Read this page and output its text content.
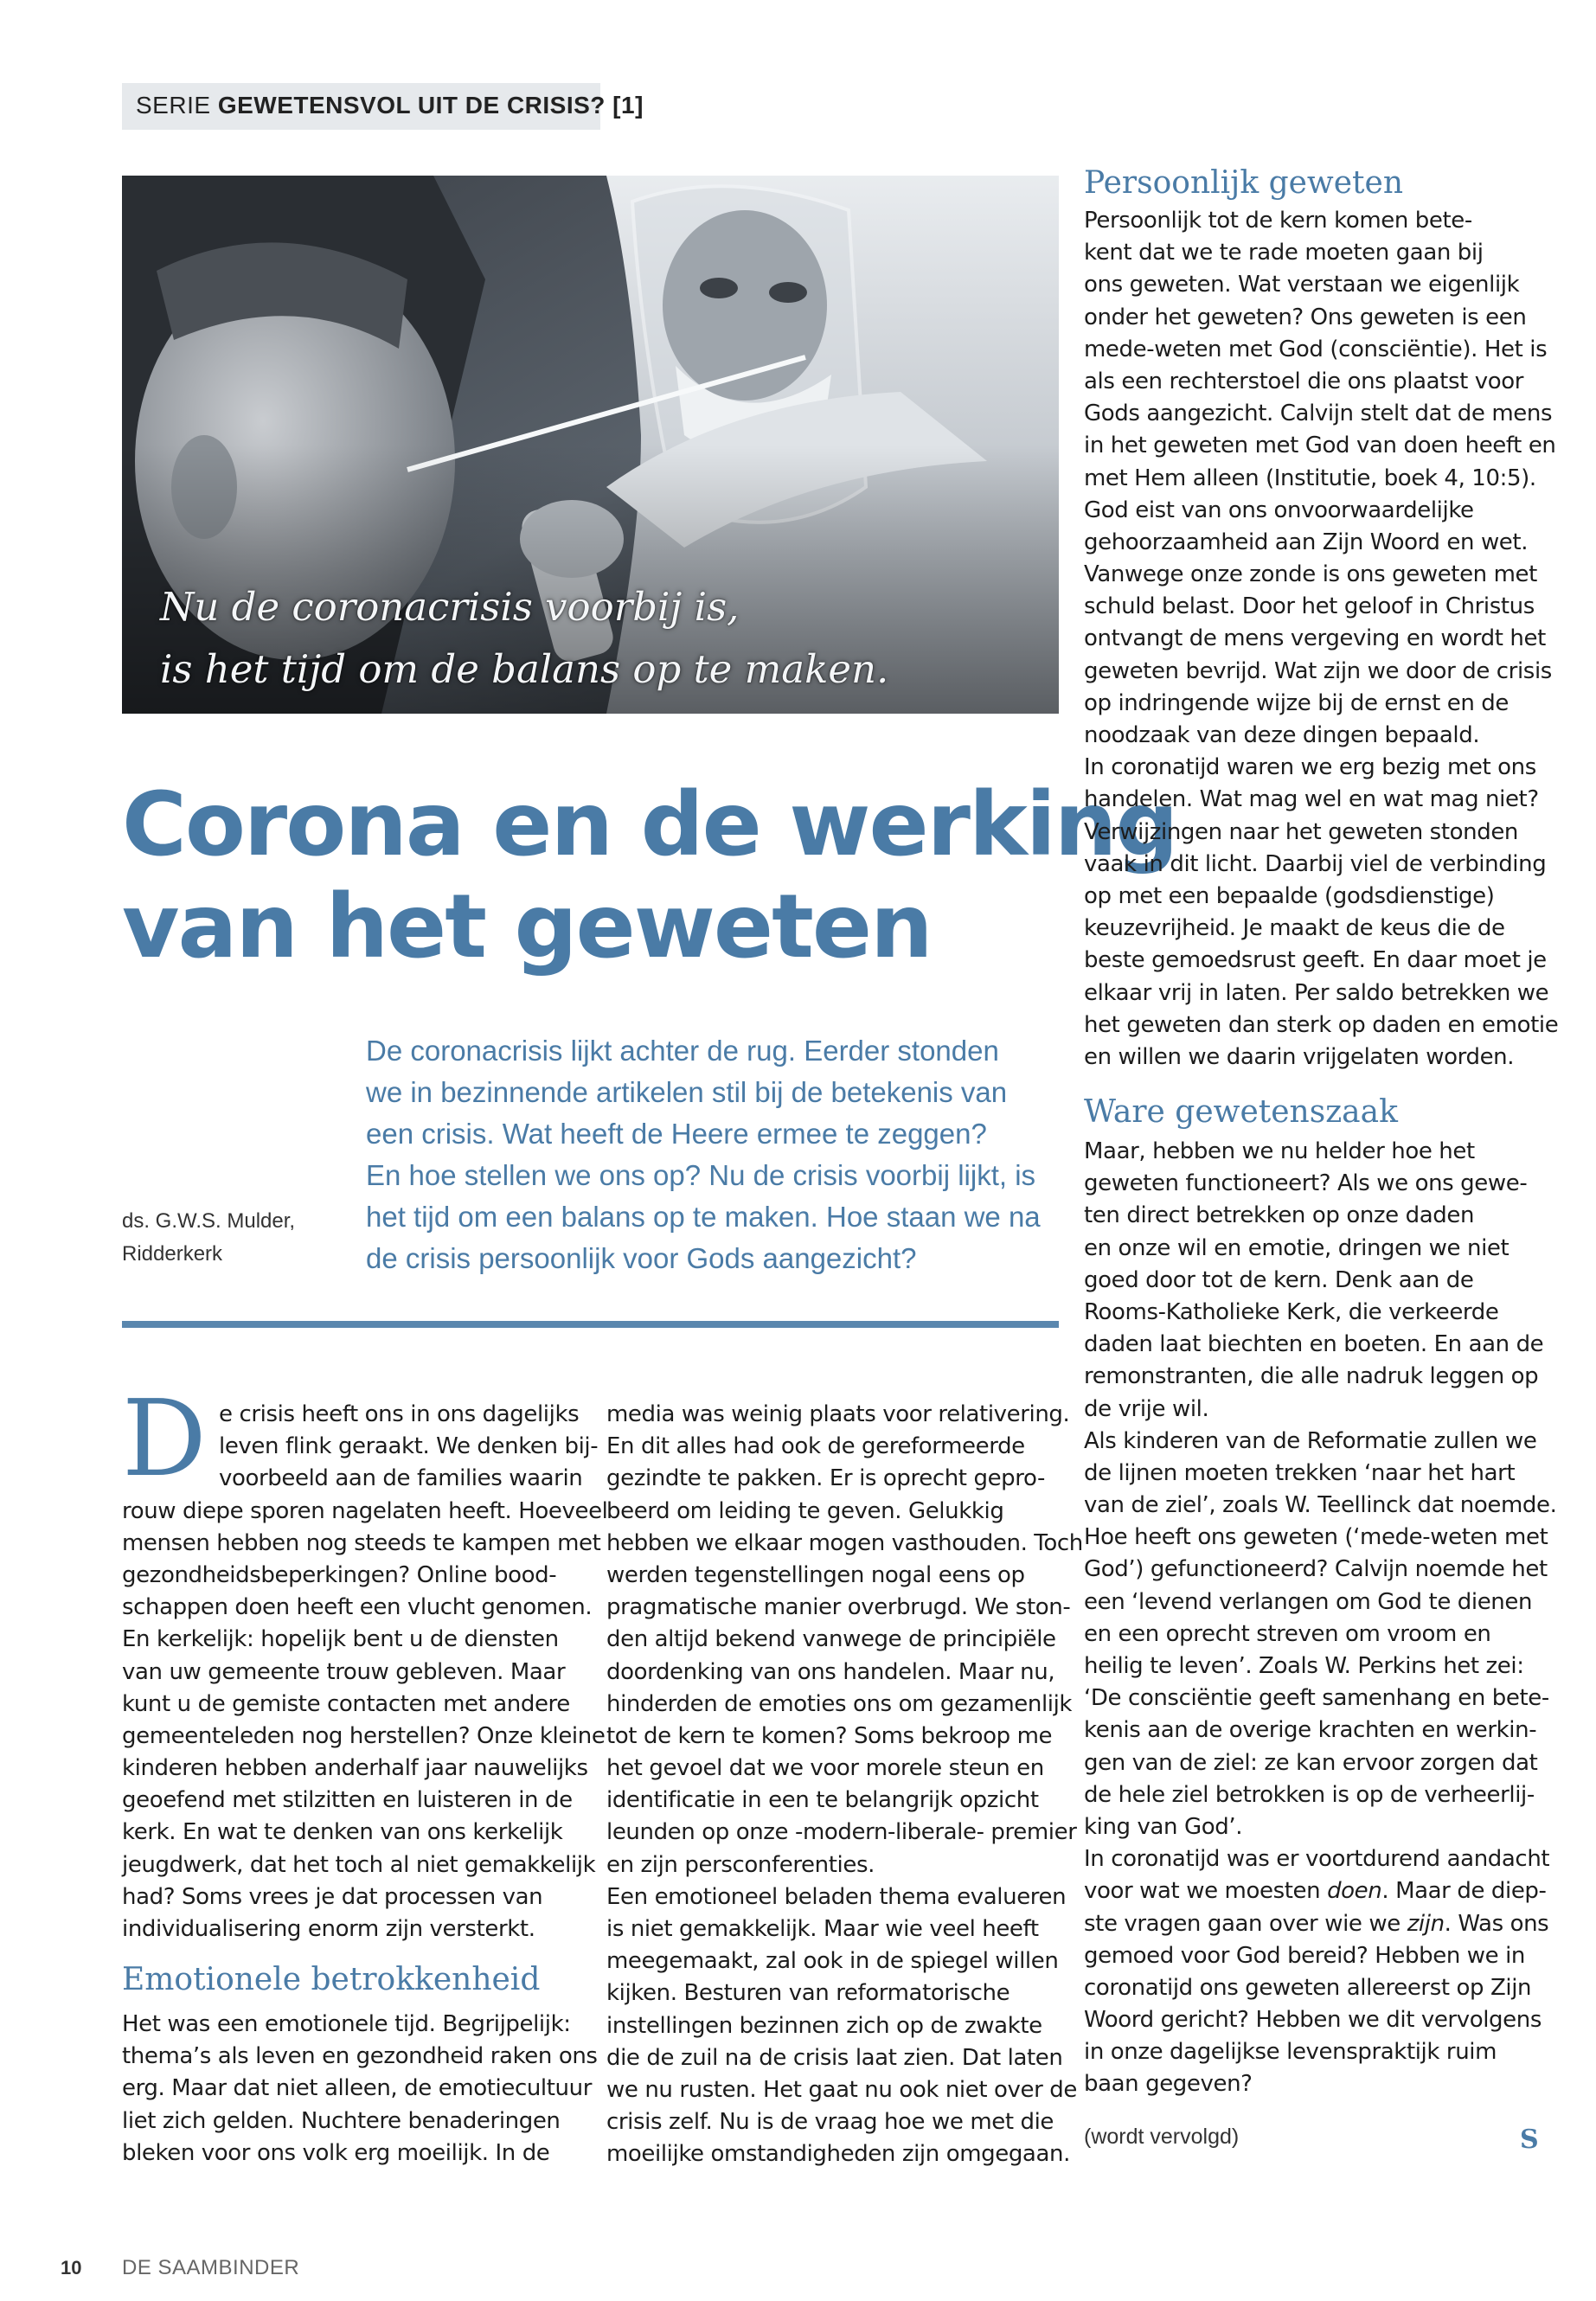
SERIE GEWETENSVOL UIT DE CRISIS? [1]
Nu de coronacrisis voorbij is,
is het tijd om de balans op te maken.
Corona en de werking
van het geweten
De coronacrisis lijkt achter de rug. Eerder stonden
we in bezinnende artikelen stil bij de betekenis van
een crisis. Wat heeft de Heere ermee te zeggen?
En hoe stellen we ons op? Nu de crisis voorbij lijkt, is
het tijd om een balans op te maken. Hoe staan we na
de crisis persoonlijk voor Gods aangezicht?
ds. G.W.S. Mulder,
Ridderkerk
D e crisis heeft ons in ons dagelijks
leven flink geraakt. We denken bij-
voorbeeld aan de families waarin
rouw diepe sporen nagelaten heeft. Hoeveel
mensen hebben nog steeds te kampen met
gezondheidsbeperkingen? Online bood-
schappen doen heeft een vlucht genomen.
En kerkelijk: hopelijk bent u de diensten
van uw gemeente trouw gebleven. Maar
kunt u de gemiste contacten met andere
gemeenteleden nog herstellen? Onze kleine
kinderen hebben anderhalf jaar nauwelijks
geoefend met stilzitten en luisteren in de
kerk. En wat te denken van ons kerkelijk
jeugdwerk, dat het toch al niet gemakkelijk
had? Soms vrees je dat processen van
individualisering enorm zijn versterkt.
Emotionele betrokkenheid
Het was een emotionele tijd. Begrijpelijk:
thema’s als leven en gezondheid raken ons
erg. Maar dat niet alleen, de emotiecultuur
liet zich gelden. Nuchtere benaderingen
bleken voor ons volk erg moeilijk. In de
media was weinig plaats voor relativering.
En dit alles had ook de gereformeerde
gezindte te pakken. Er is oprecht gepro-
beerd om leiding te geven. Gelukkig
hebben we elkaar mogen vasthouden. Toch
werden tegenstellingen nogal eens op
pragmatische manier overbrugd. We ston-
den altijd bekend vanwege de principiële
doordenking van ons handelen. Maar nu,
hinderden de emoties ons om gezamenlijk
tot de kern te komen? Soms bekroop me
het gevoel dat we voor morele steun en
identificatie in een te belangrijk opzicht
leunden op onze -modern-liberale- premier
en zijn persconferenties.
Een emotioneel beladen thema evalueren
is niet gemakkelijk. Maar wie veel heeft
meegemaakt, zal ook in de spiegel willen
kijken. Besturen van reformatorische
instellingen bezinnen zich op de zwakte
die de zuil na de crisis laat zien. Dat laten
we nu rusten. Het gaat nu ook niet over de
crisis zelf. Nu is de vraag hoe we met die
moeilijke omstandigheden zijn omgegaan.
Persoonlijk geweten
Persoonlijk tot de kern komen bete-
kent dat we te rade moeten gaan bij
ons geweten. Wat verstaan we eigenlijk
onder het geweten? Ons geweten is een
mede-weten met God (consciëntie). Het is
als een rechterstoel die ons plaatst voor
Gods aangezicht. Calvijn stelt dat de mens
in het geweten met God van doen heeft en
met Hem alleen (Institutie, boek 4, 10:5).
God eist van ons onvoorwaardelijke
gehoorzaamheid aan Zijn Woord en wet.
Vanwege onze zonde is ons geweten met
schuld belast. Door het geloof in Christus
ontvangt de mens vergeving en wordt het
geweten bevrijd. Wat zijn we door de crisis
op indringende wijze bij de ernst en de
noodzaak van deze dingen bepaald.
In coronatijd waren we erg bezig met ons
handelen. Wat mag wel en wat mag niet?
Verwijzingen naar het geweten stonden
vaak in dit licht. Daarbij viel de verbinding
op met een bepaalde (godsdienstige)
keuzevrijheid. Je maakt de keus die de
beste gemoedsrust geeft. En daar moet je
elkaar vrij in laten. Per saldo betrekken we
het geweten dan sterk op daden en emotie
en willen we daarin vrijgelaten worden.
Ware gewetenszaak
Maar, hebben we nu helder hoe het
geweten functioneert? Als we ons gewe-
ten direct betrekken op onze daden
en onze wil en emotie, dringen we niet
goed door tot de kern. Denk aan de
Rooms-Katholieke Kerk, die verkeerde
daden laat biechten en boeten. En aan de
remonstranten, die alle nadruk leggen op
de vrije wil.
Als kinderen van de Reformatie zullen we
de lijnen moeten trekken ‘naar het hart
van de ziel’, zoals W. Teellinck dat noemde.
Hoe heeft ons geweten (‘mede-weten met
God’) gefunctioneerd? Calvijn noemde het
een ‘levend verlangen om God te dienen
en een oprecht streven om vroom en
heilig te leven’. Zoals W. Perkins het zei:
‘De consciëntie geeft samenhang en bete-
kenis aan de overige krachten en werkin-
gen van de ziel: ze kan ervoor zorgen dat
de hele ziel betrokken is op de verheerlij-
king van God’.
In coronatijd was er voortdurend aandacht
voor wat we moesten doen. Maar de diep-
ste vragen gaan over wie we zijn. Was ons
gemoed voor God bereid? Hebben we in
coronatijd ons geweten allereerst op Zijn
Woord gericht? Hebben we dit vervolgens
in onze dagelijkse levenspraktijk ruim
baan gegeven?
(wordt vervolgd)	S
10 DE SAAMBINDER
